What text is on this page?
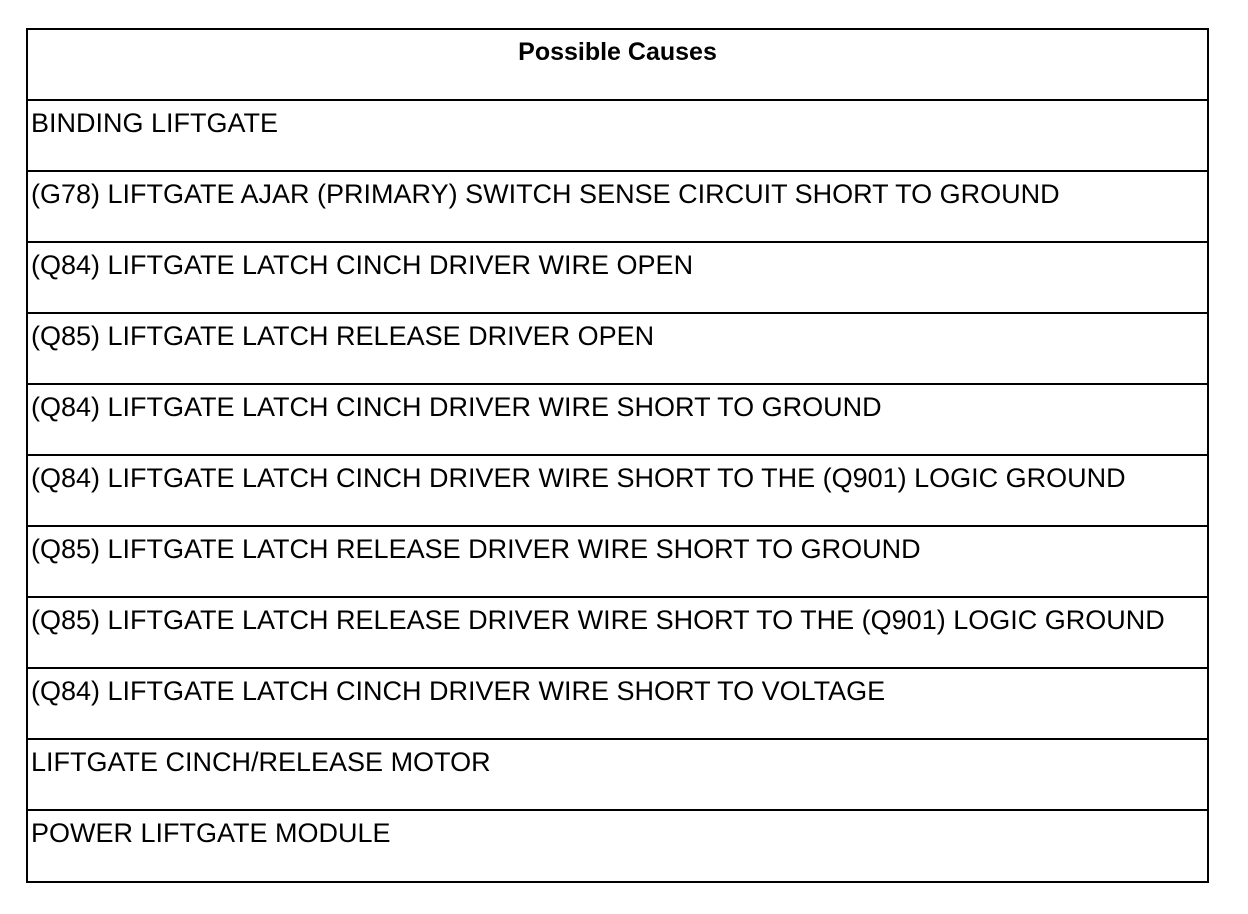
Possible Causes
BINDING LIFTGATE
(G78) LIFTGATE AJAR (PRIMARY) SWITCH SENSE CIRCUIT SHORT TO GROUND
(Q84) LIFTGATE LATCH CINCH DRIVER WIRE OPEN
(Q85) LIFTGATE LATCH RELEASE DRIVER OPEN
(Q84) LIFTGATE LATCH CINCH DRIVER WIRE SHORT TO GROUND
(Q84) LIFTGATE LATCH CINCH DRIVER WIRE SHORT TO THE (Q901) LOGIC GROUND
(Q85) LIFTGATE LATCH RELEASE DRIVER WIRE SHORT TO GROUND
(Q85) LIFTGATE LATCH RELEASE DRIVER WIRE SHORT TO THE (Q901) LOGIC GROUND
(Q84) LIFTGATE LATCH CINCH DRIVER WIRE SHORT TO VOLTAGE
LIFTGATE CINCH/RELEASE MOTOR
POWER LIFTGATE MODULE
